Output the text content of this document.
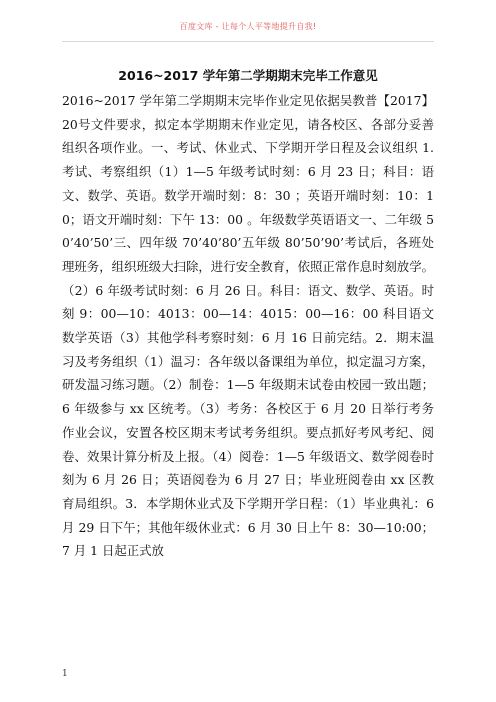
百度文库 - 让每个人平等地提升自我!
2016~2017 学年第二学期期末完毕工作意见
2016~2017 学年第二学期期末完毕作业定见依据吴教普【2017】20号文件要求，拟定本学期期末作业定见，请各校区、各部分妥善组织各项作业。一、考试、休业式、下学期开学日程及会议组织 1.考试、考察组织（1）1—5 年级考试时刻：6 月 23 日；科目：语文、数学、英语。数学开端时刻：8：30 ；英语开端时刻：10：10；语文开端时刻：下午 13：00 。年级数学英语语文一、二年级 50’40’50’三、四年级 70’40’80’五年级 80’50’90’考试后，各班处理班务，组织班级大扫除，进行安全教育，依照正常作息时刻放学。（2）6 年级考试时刻：6 月 26 日。科目：语文、数学、英语。时刻 9：00—10：4013：00—14：4015：00—16：00 科目语文数学英语（3）其他学科考察时刻：6 月 16 日前完结。2．期末温习及考务组织（1）温习：各年级以备课组为单位，拟定温习方案，研发温习练习题。（2）制卷：1—5 年级期末试卷由校园一致出题；6 年级参与 xx 区统考。（3）考务：各校区于 6 月 20 日举行考务作业会议，安置各校区期末考试考务组织。要点抓好考风考纪、阅卷、效果计算分析及上报。（4）阅卷：1—5 年级语文、数学阅卷时刻为 6 月 26 日；英语阅卷为 6 月 27 日；毕业班阅卷由 xx 区教育局组织。3．本学期休业式及下学期开学日程：（1）毕业典礼：6 月 29 日下午；其他年级休业式：6 月 30 日上午 8：30—10:00；7 月 1 日起正式放
1
